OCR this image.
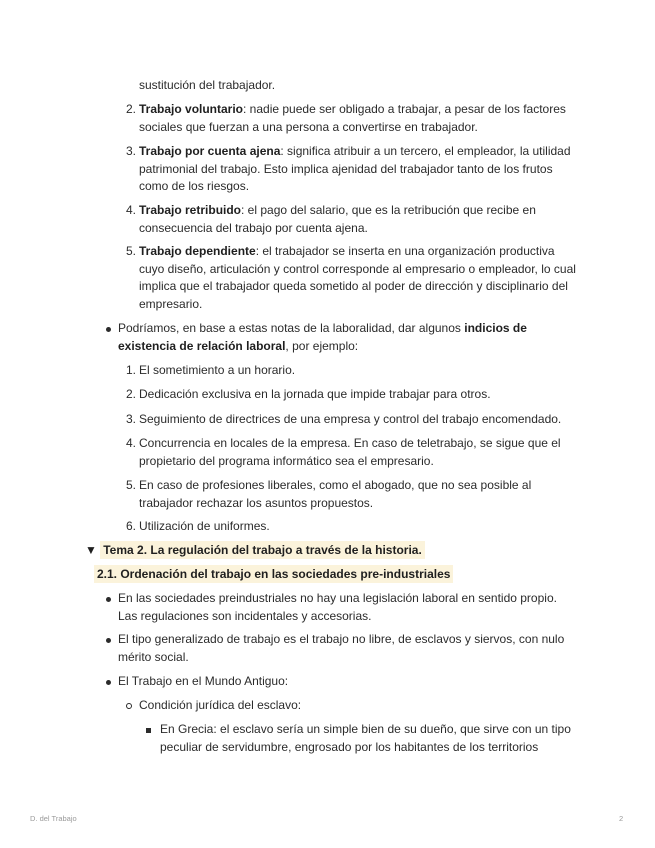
sustitución del trabajador.
2. Trabajo voluntario: nadie puede ser obligado a trabajar, a pesar de los factores sociales que fuerzan a una persona a convertirse en trabajador.
3. Trabajo por cuenta ajena: significa atribuir a un tercero, el empleador, la utilidad patrimonial del trabajo. Esto implica ajenidad del trabajador tanto de los frutos como de los riesgos.
4. Trabajo retribuido: el pago del salario, que es la retribución que recibe en consecuencia del trabajo por cuenta ajena.
5. Trabajo dependiente: el trabajador se inserta en una organización productiva cuyo diseño, articulación y control corresponde al empresario o empleador, lo cual implica que el trabajador queda sometido al poder de dirección y disciplinario del empresario.
Podríamos, en base a estas notas de la laboralidad, dar algunos indicios de existencia de relación laboral, por ejemplo:
1. El sometimiento a un horario.
2. Dedicación exclusiva en la jornada que impide trabajar para otros.
3. Seguimiento de directrices de una empresa y control del trabajo encomendado.
4. Concurrencia en locales de la empresa. En caso de teletrabajo, se sigue que el propietario del programa informático sea el empresario.
5. En caso de profesiones liberales, como el abogado, que no sea posible al trabajador rechazar los asuntos propuestos.
6. Utilización de uniformes.
▼ Tema 2. La regulación del trabajo a través de la historia.
2.1. Ordenación del trabajo en las sociedades pre-industriales
En las sociedades preindustriales no hay una legislación laboral en sentido propio. Las regulaciones son incidentales y accesorias.
El tipo generalizado de trabajo es el trabajo no libre, de esclavos y siervos, con nulo mérito social.
El Trabajo en el Mundo Antiguo:
Condición jurídica del esclavo:
En Grecia: el esclavo sería un simple bien de su dueño, que sirve con un tipo peculiar de servidumbre, engrosado por los habitantes de los territorios
D. del Trabajo	2
